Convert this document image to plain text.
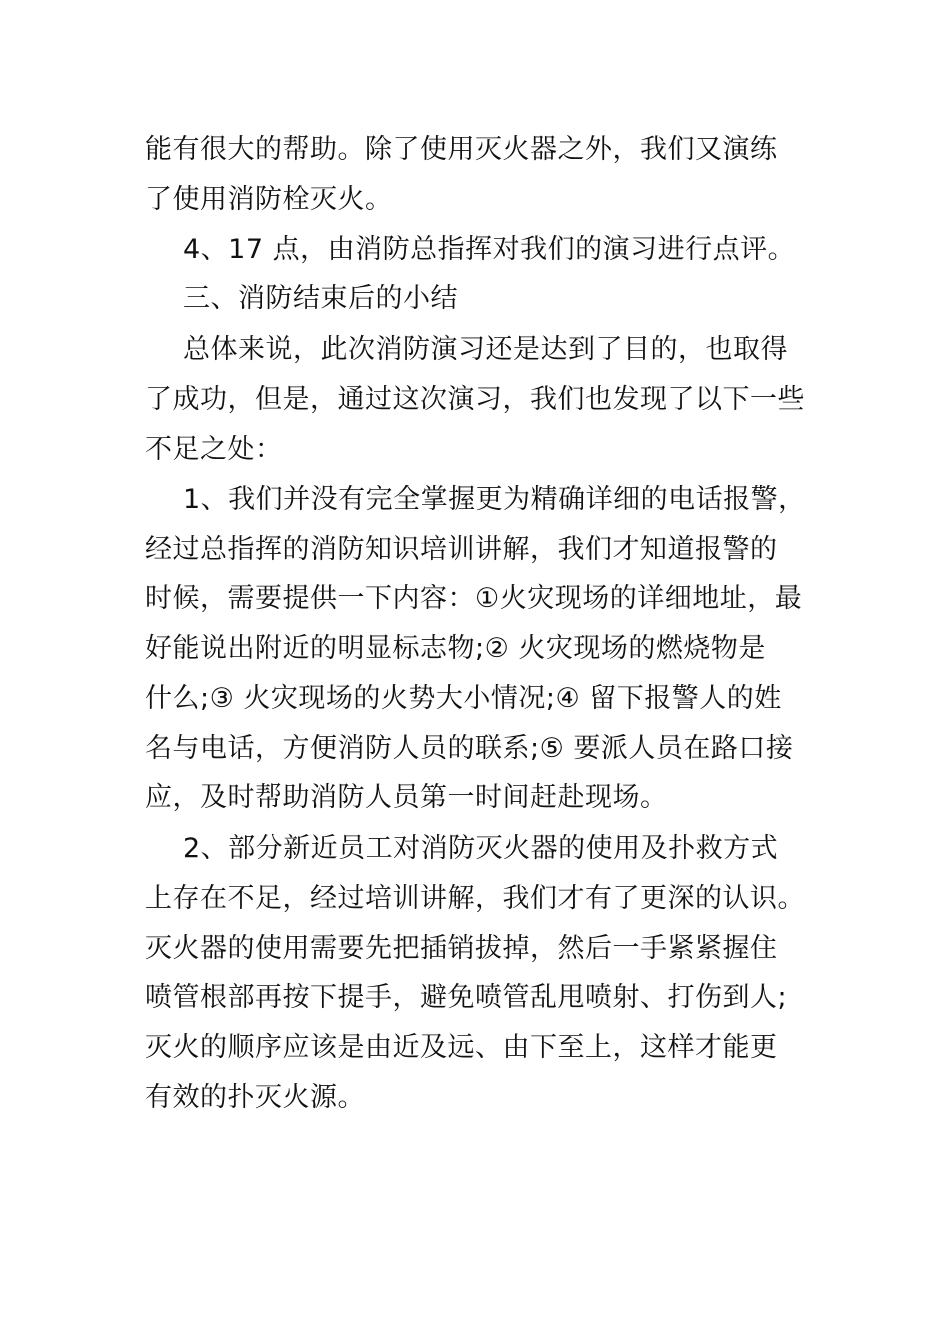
能有很大的帮助。除了使用灭火器之外，我们又演练
了使用消防栓灭火。
4、17 点，由消防总指挥对我们的演习进行点评。
三、消防结束后的小结
总体来说，此次消防演习还是达到了目的，也取得
了成功，但是，通过这次演习，我们也发现了以下一些
不足之处：
1、我们并没有完全掌握更为精确详细的电话报警，
经过总指挥的消防知识培训讲解，我们才知道报警的
时候，需要提供一下内容：①火灾现场的详细地址，最
好能说出附近的明显标志物;② 火灾现场的燃烧物是
什么;③ 火灾现场的火势大小情况;④ 留下报警人的姓
名与电话，方便消防人员的联系;⑤ 要派人员在路口接
应，及时帮助消防人员第一时间赶赴现场。
2、部分新近员工对消防灭火器的使用及扑救方式
上存在不足，经过培训讲解，我们才有了更深的认识。
灭火器的使用需要先把插销拔掉，然后一手紧紧握住
喷管根部再按下提手，避免喷管乱甩喷射、打伤到人;
灭火的顺序应该是由近及远、由下至上，这样才能更
有效的扑灭火源。
